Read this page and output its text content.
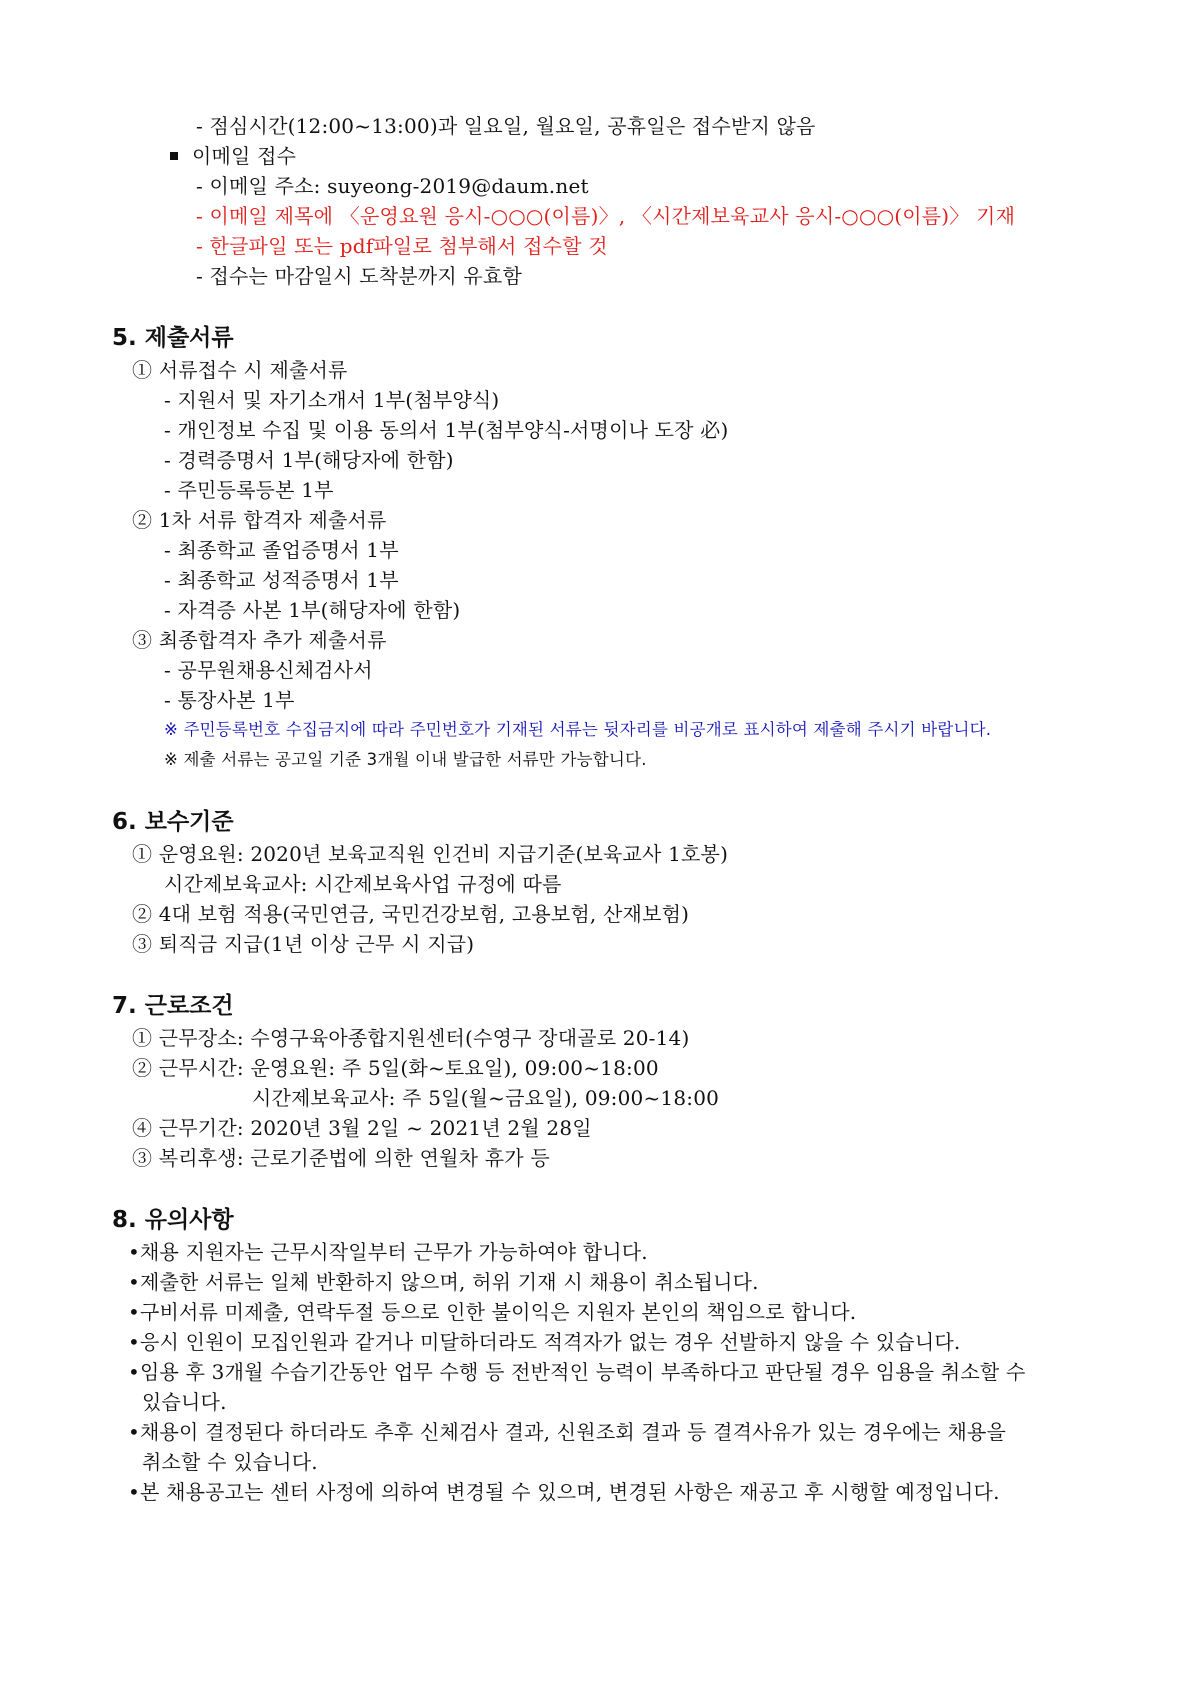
- 점심시간(12:00~13:00)과 일요일, 월요일, 공휴일은 접수받지 않음
이메일 접수
- 이메일 주소: suyeong-2019@daum.net
- 이메일 제목에 〈운영요원 응시-○○○(이름)〉, 〈시간제보육교사 응시-○○○(이름)〉 기재
- 한글파일 또는 pdf파일로 첨부해서 접수할 것
- 접수는 마감일시 도착분까지 유효함
5. 제출서류
① 서류접수 시 제출서류
- 지원서 및 자기소개서 1부(첨부양식)
- 개인정보 수집 및 이용 동의서 1부(첨부양식-서명이나 도장 必)
- 경력증명서 1부(해당자에 한함)
- 주민등록등본 1부
② 1차 서류 합격자 제출서류
- 최종학교 졸업증명서 1부
- 최종학교 성적증명서 1부
- 자격증 사본 1부(해당자에 한함)
③ 최종합격자 추가 제출서류
- 공무원채용신체검사서
- 통장사본 1부
※ 주민등록번호 수집금지에 따라 주민번호가 기재된 서류는 뒷자리를 비공개로 표시하여 제출해 주시기 바랍니다.
※ 제출 서류는 공고일 기준 3개월 이내 발급한 서류만 가능합니다.
6. 보수기준
① 운영요원: 2020년 보육교직원 인건비 지급기준(보육교사 1호봉)
시간제보육교사: 시간제보육사업 규정에 따름
② 4대 보험 적용(국민연금, 국민건강보험, 고용보험, 산재보험)
③ 퇴직금 지급(1년 이상 근무 시 지급)
7. 근로조건
① 근무장소: 수영구육아종합지원센터(수영구 장대골로 20-14)
② 근무시간: 운영요원: 주 5일(화~토요일), 09:00~18:00
시간제보육교사: 주 5일(월~금요일), 09:00~18:00
④ 근무기간: 2020년 3월 2일 ~ 2021년 2월 28일
③ 복리후생: 근로기준법에 의한 연월차 휴가 등
8. 유의사항
•채용 지원자는 근무시작일부터 근무가 가능하여야 합니다.
•제출한 서류는 일체 반환하지 않으며, 허위 기재 시 채용이 취소됩니다.
•구비서류 미제출, 연락두절 등으로 인한 불이익은 지원자 본인의 책임으로 합니다.
•응시 인원이 모집인원과 같거나 미달하더라도 적격자가 없는 경우 선발하지 않을 수 있습니다.
•임용 후 3개월 수습기간동안 업무 수행 등 전반적인 능력이 부족하다고 판단될 경우 임용을 취소할 수
있습니다.
•채용이 결정된다 하더라도 추후 신체검사 결과, 신원조회 결과 등 결격사유가 있는 경우에는 채용을
취소할 수 있습니다.
•본 채용공고는 센터 사정에 의하여 변경될 수 있으며, 변경된 사항은 재공고 후 시행할 예정입니다.
